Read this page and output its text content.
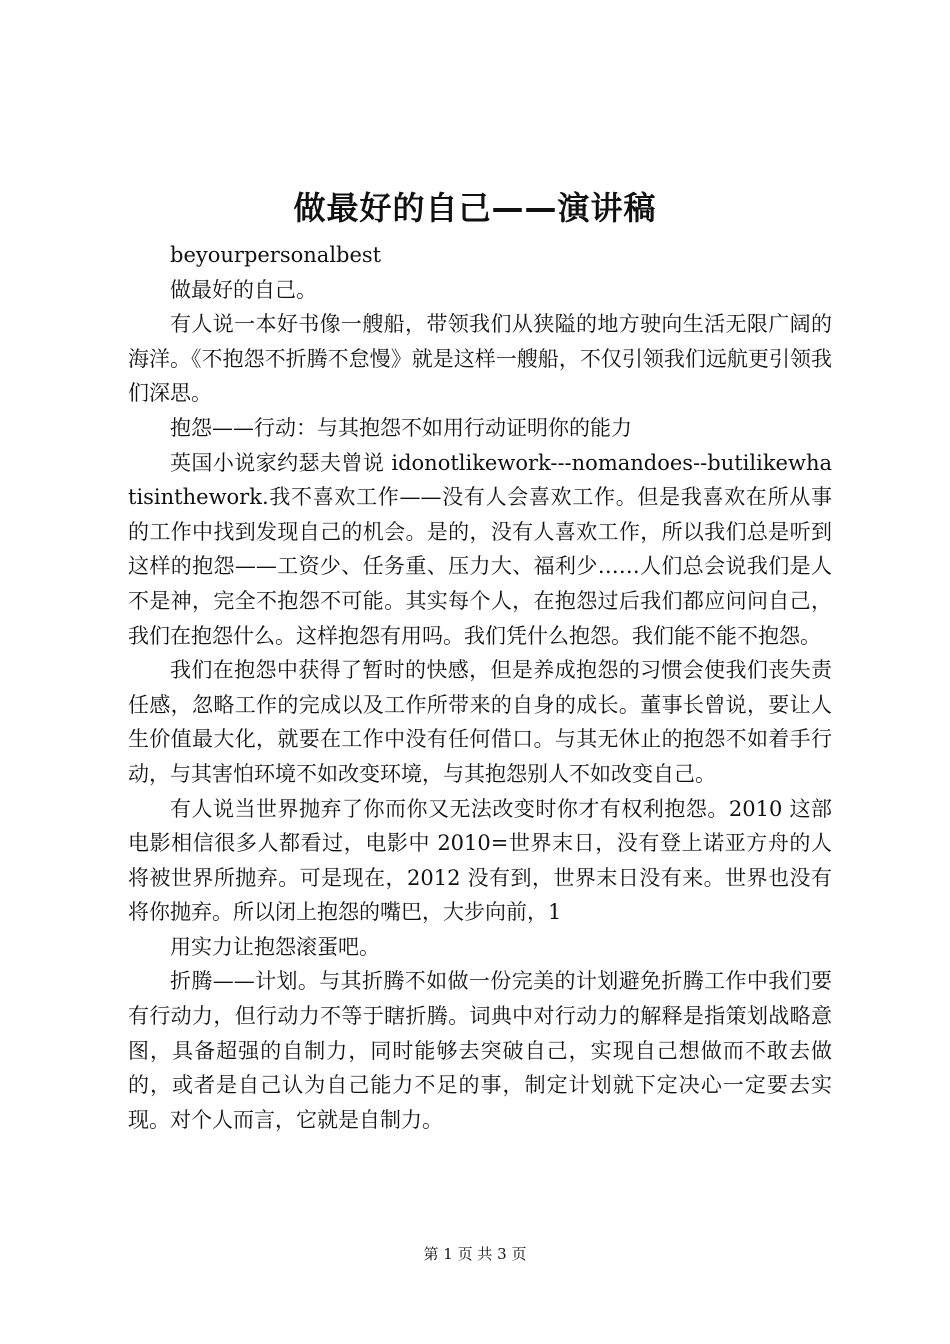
做最好的自己——演讲稿

beyourpersonalbest

做最好的自己。

有人说一本好书像一艘船，带领我们从狭隘的地方驶向生活无限广阔的海洋。《不抱怨不折腾不怠慢》就是这样一艘船，不仅引领我们远航更引领我们深思。

抱怨——行动：与其抱怨不如用行动证明你的能力

英国小说家约瑟夫曾说 idonotlikework---nomandoes--butilikewhatisinthework.我不喜欢工作——没有人会喜欢工作。但是我喜欢在所从事的工作中找到发现自己的机会。是的，没有人喜欢工作，所以我们总是听到这样的抱怨——工资少、任务重、压力大、福利少……人们总会说我们是人不是神，完全不抱怨不可能。其实每个人，在抱怨过后我们都应问问自己，我们在抱怨什么。这样抱怨有用吗。我们凭什么抱怨。我们能不能不抱怨。

我们在抱怨中获得了暂时的快感，但是养成抱怨的习惯会使我们丧失责任感，忽略工作的完成以及工作所带来的自身的成长。董事长曾说，要让人生价值最大化，就要在工作中没有任何借口。与其无休止的抱怨不如着手行动，与其害怕环境不如改变环境，与其抱怨别人不如改变自己。

有人说当世界抛弃了你而你又无法改变时你才有权利抱怨。2010 这部电影相信很多人都看过，电影中 2010=世界末日，没有登上诺亚方舟的人将被世界所抛弃。可是现在，2012 没有到，世界末日没有来。世界也没有将你抛弃。所以闭上抱怨的嘴巴，大步向前，1

用实力让抱怨滚蛋吧。

折腾——计划。与其折腾不如做一份完美的计划避免折腾工作中我们要有行动力，但行动力不等于瞎折腾。词典中对行动力的解释是指策划战略意图，具备超强的自制力，同时能够去突破自己，实现自己想做而不敢去做的，或者是自己认为自己能力不足的事，制定计划就下定决心一定要去实现。对个人而言，它就是自制力。

第 1 页 共 3 页
